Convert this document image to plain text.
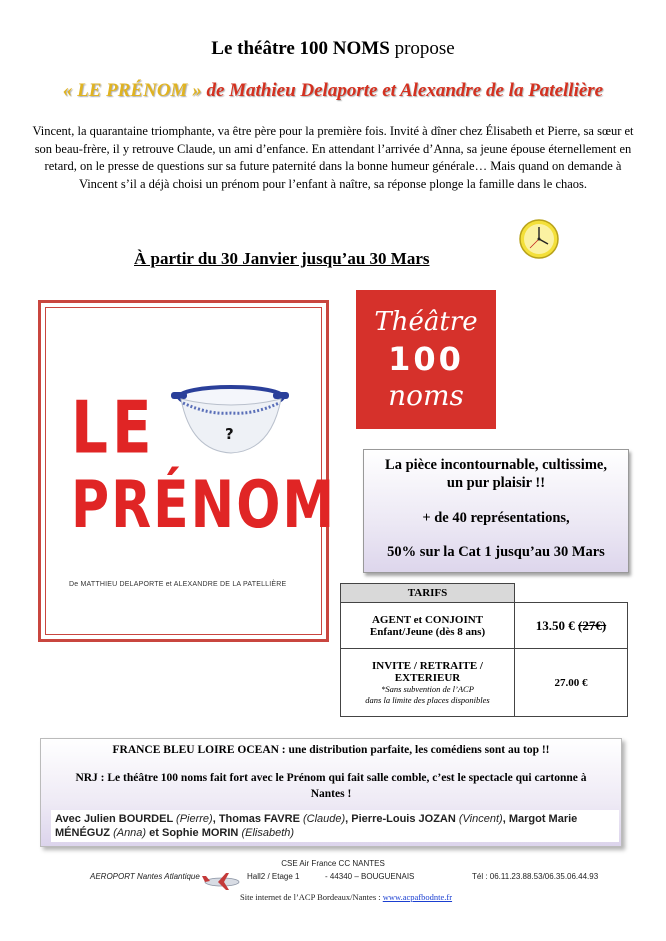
Le théâtre 100 NOMS propose
« LE PRÉNOM » de Mathieu Delaporte et Alexandre de la Patellière
Vincent, la quarantaine triomphante, va être père pour la première fois. Invité à dîner chez Élisabeth et Pierre, sa sœur et son beau-frère, il y retrouve Claude, un ami d’enfance. En attendant l’arrivée d’Anna, sa jeune épouse éternellement en retard, on le presse de questions sur sa future paternité dans la bonne humeur générale… Mais quand on demande à Vincent s’il a déjà choisi un prénom pour l’enfant à naître, sa réponse plonge la famille dans le chaos.
À partir du 30 Janvier jusqu’au 30 Mars
LE	?
PRÉNOM
De MATTHIEU DELAPORTE et ALEXANDRE DE LA PATELLIÈRE
Théâtre
100
noms

La pièce incontournable, cultissime,

un pur plaisir !!

+ de 40 représentations,

50% sur la Cat 1 jusqu’au 30 Mars

TARIFS	
AGENT et CONJOINT
Enfant/Jeune (dès 8 ans)	13.50 € (27€)
INVITE / RETRAITE /
EXTERIEUR
*Sans subvention de l’ACP
dans la limite des places disponibles	27.00 €

FRANCE BLEU LOIRE OCEAN : une distribution parfaite, les comédiens sont au top !!

NRJ : Le théâtre 100 noms fait fort avec le Prénom qui fait salle comble, c’est le spectacle qui cartonne à

Nantes !

Avec Julien BOURDEL (Pierre), Thomas FAVRE (Claude), Pierre-Louis JOZAN (Vincent), Margot Marie MÉNÉGUZ (Anna) et Sophie MORIN (Elisabeth)
CSE Air France CC NANTES
AEROPORT Nantes Atlantique	Hall2 / Etage 1	- 44340 – BOUGUENAIS	Tél : 06.11.23.88.53/06.35.06.44.93
Site internet de l’ACP Bordeaux/Nantes : www.acpafbodnte.fr
